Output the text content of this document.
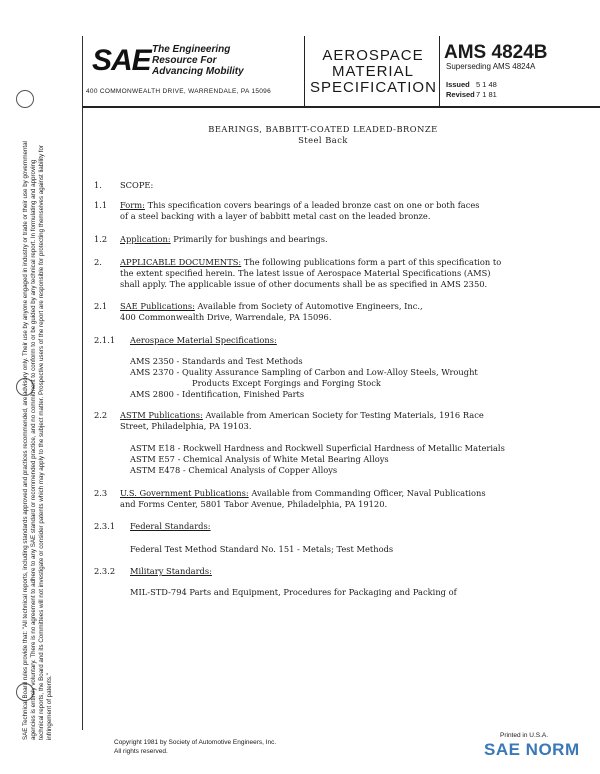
SAE Technical Board rules provide that: "All technical reports, including standards approved and practices recommended, are advisory only. Their use by anyone engaged in industry or trade or their use by governmental agencies is entirely voluntary. There is no agreement to adhere to any SAE standard or recommended practice, and no commitment to conform to or be guided by any technical report. In formulating and approving technical reports, the Board and its Committees will not investigate or consider patents which may apply to the subject matter. Prospective users of the report are responsible for protecting themselves against liability for infringement of patents."
SAE The Engineering
Resource For
Advancing Mobility
400 COMMONWEALTH DRIVE, WARRENDALE, PA 15096
AEROSPACE
MATERIAL
SPECIFICATION
AMS 4824B
Superseding AMS 4824A
Issued 5 1 48
Revised7 1 81
BEARINGS, BABBITT-COATED LEADED-BRONZE
Steel Back
1. SCOPE:
1.1 Form: This specification covers bearings of a leaded bronze cast on one or both faces
of a steel backing with a layer of babbitt metal cast on the leaded bronze.
1.2 Application: Primarily for bushings and bearings.
2. APPLICABLE DOCUMENTS: The following publications form a part of this specification to
the extent specified herein. The latest issue of Aerospace Material Specifications (AMS)
shall apply. The applicable issue of other documents shall be as specified in AMS 2350.
2.1 SAE Publications: Available from Society of Automotive Engineers, Inc.,
400 Commonwealth Drive, Warrendale, PA 15096.
2.1.1 Aerospace Material Specifications:
AMS 2350 - Standards and Test Methods
AMS 2370 - Quality Assurance Sampling of Carbon and Low-Alloy Steels, Wrought
Products Except Forgings and Forging Stock
AMS 2800 - Identification, Finished Parts
2.2 ASTM Publications: Available from American Society for Testing Materials, 1916 Race
Street, Philadelphia, PA 19103.
ASTM E18 - Rockwell Hardness and Rockwell Superficial Hardness of Metallic Materials
ASTM E57 - Chemical Analysis of White Metal Bearing Alloys
ASTM E478 - Chemical Analysis of Copper Alloys
2.3 U.S. Government Publications: Available from Commanding Officer, Naval Publications
and Forms Center, 5801 Tabor Avenue, Philadelphia, PA 19120.
2.3.1 Federal Standards:
Federal Test Method Standard No. 151 - Metals; Test Methods
2.3.2 Military Standards:
MIL-STD-794 Parts and Equipment, Procedures for Packaging and Packing of
Copyright 1981 by Society of Automotive Engineers, Inc.
All rights reserved.
Printed in U.S.A.
SAE NORM
